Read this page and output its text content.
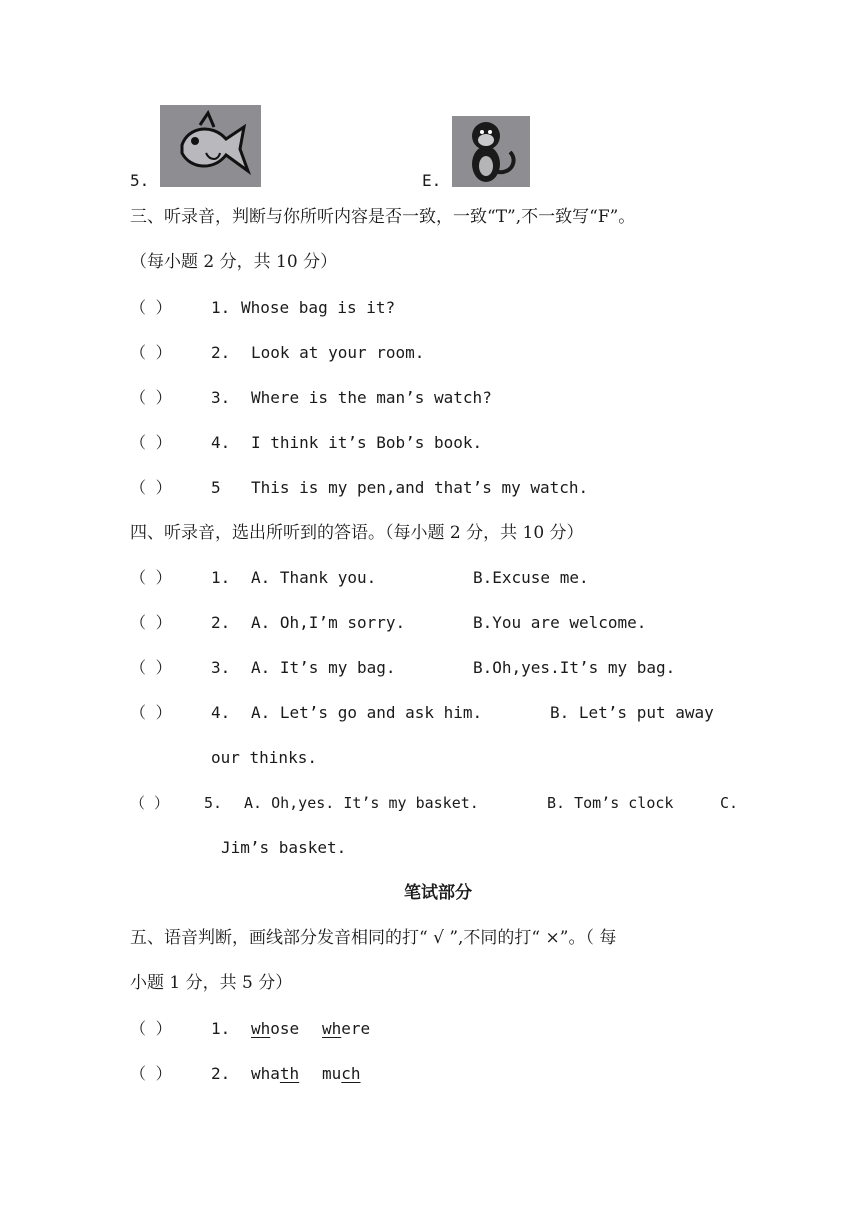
5.	E.
三、听录音，判断与你所听内容是否一致，一致“T”,不一致写“F”。
（每小题 2 分，共 10 分）
（ ） 1. Whose bag is it?
（ ） 2. Look at your room.
（ ） 3. Where is the man’s watch?
（ ） 4. I think it’s Bob’s book.
（ ） 5 This is my pen,and that’s my watch.
四、听录音，选出所听到的答语。（每小题 2 分，共 10 分）
（ ） 1. A. Thank you.	B.Excuse me.
（ ） 2. A. Oh,I’m sorry.	B.You are welcome.
（ ） 3. A. It’s my bag.	B.Oh,yes.It’s my bag.
（ ） 4. A. Let’s go and ask him.	B. Let’s put away
our thinks.
（ ） 5. A. Oh,yes. It’s my basket.	B. Tom’s clock	C.
Jim’s basket.
笔试部分
五、语音判断，画线部分发音相同的打“ √ ”,不同的打“ ×”。（ 每
小题 1 分，共 5 分）
（ ） 1. whose where
（ ） 2. whath much
